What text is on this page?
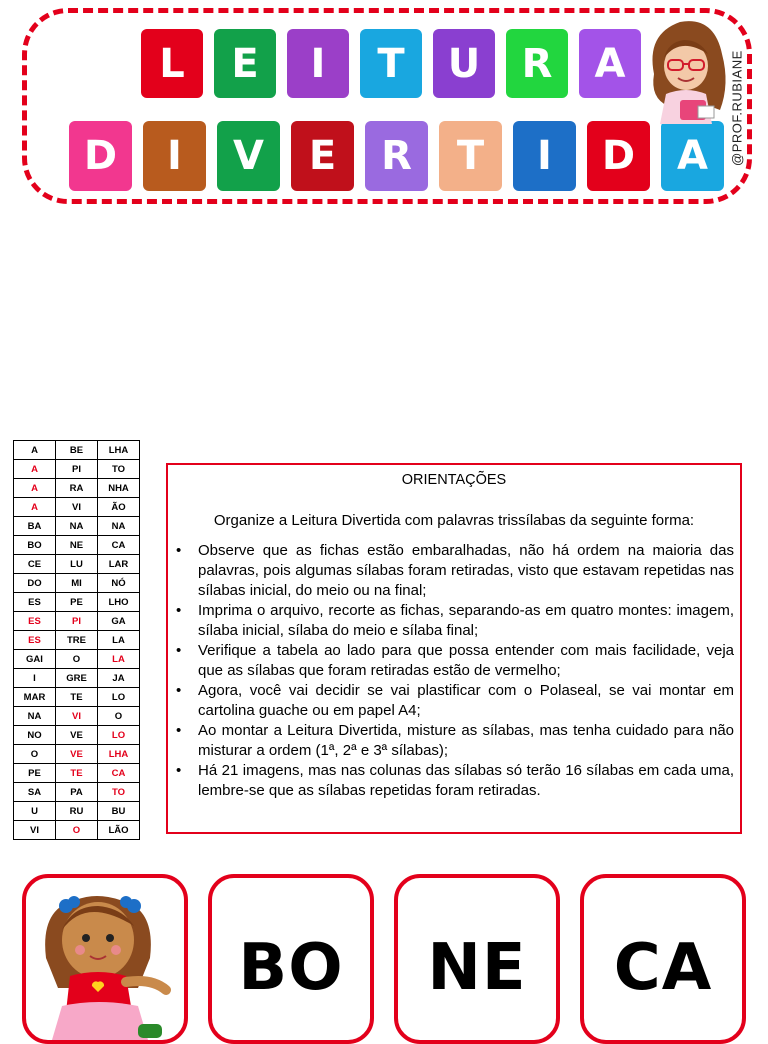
L	E	I	T	U	R	A
D	I	V	E	R	T	I	D	A	@PROF.RUBIANE
A	BE	LHA
A	PI	TO
A	RA	NHA
A	VI	ÃO
BA	NA	NA
BO	NE	CA
CE	LU	LAR
DO	MI	NÓ
ES	PE	LHO
ES	PI	GA
ES	TRE	LA
GAI	O	LA
I	GRE	JA
MAR	TE	LO
NA	VI	O
NO	VE	LO
O	VE	LHA
PE	TE	CA
SA	PA	TO
U	RU	BU
VI	O	LÃO
ORIENTAÇÕES
Organize a Leitura Divertida com palavras trissílabas da seguinte forma:
• Observe que as fichas estão embaralhadas, não há ordem na maioria das palavras, pois algumas sílabas foram retiradas, visto que estavam repetidas nas sílabas inicial, do meio ou na final;
• Imprima o arquivo, recorte as fichas, separando-as em quatro montes: imagem, sílaba inicial, sílaba do meio e sílaba final;
• Verifique a tabela ao lado para que possa entender com mais facilidade, veja que as sílabas que foram retiradas estão de vermelho;
• Agora, você vai decidir se vai plastificar com o Polaseal, se vai montar em cartolina guache ou em papel A4;
• Ao montar a Leitura Divertida, misture as sílabas, mas tenha cuidado para não misturar a ordem (1ª, 2ª e 3ª sílabas);
• Há 21 imagens, mas nas colunas das sílabas só terão 16 sílabas em cada uma, lembre-se que as sílabas repetidas foram retiradas.
BO NE CA
